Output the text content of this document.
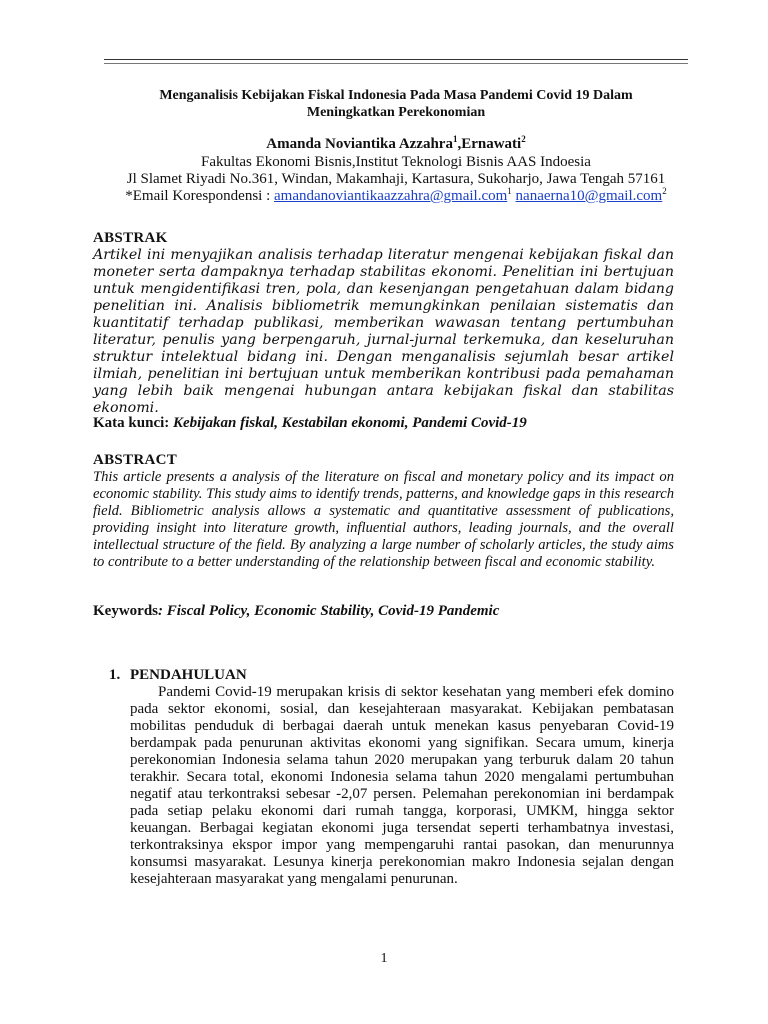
Menganalisis Kebijakan Fiskal Indonesia Pada Masa Pandemi Covid 19 Dalam
Meningkatkan Perekonomian
Amanda Noviantika Azzahra$^1$,Ernawati$^2$
Fakultas Ekonomi Bisnis,Institut Teknologi Bisnis AAS Indoesia
Jl Slamet Riyadi No.361, Windan, Makamhaji, Kartasura, Sukoharjo, Jawa Tengah 57161
*Email Korespondensi : amandanoviantikaazzahra@gmail.com$^1$ nanaerna10@gmail.com$^2$
ABSTRAK
Artikel ini menyajikan analisis terhadap literatur mengenai kebijakan fiskal dan moneter serta dampaknya terhadap stabilitas ekonomi. Penelitian ini bertujuan untuk mengidentifikasi tren, pola, dan kesenjangan pengetahuan dalam bidang penelitian ini. Analisis bibliometrik memungkinkan penilaian sistematis dan kuantitatif terhadap publikasi, memberikan wawasan tentang pertumbuhan literatur, penulis yang berpengaruh, jurnal-jurnal terkemuka, dan keseluruhan struktur intelektual bidang ini. Dengan menganalisis sejumlah besar artikel ilmiah, penelitian ini bertujuan untuk memberikan kontribusi pada pemahaman yang lebih baik mengenai hubungan antara kebijakan fiskal dan stabilitas ekonomi.
Kata kunci: Kebijakan fiskal, Kestabilan ekonomi, Pandemi Covid-19
ABSTRACT
This article presents a analysis of the literature on fiscal and monetary policy and its impact on economic stability. This study aims to identify trends, patterns, and knowledge gaps in this research field. Bibliometric analysis allows a systematic and quantitative assessment of publications, providing insight into literature growth, influential authors, leading journals, and the overall intellectual structure of the field. By analyzing a large number of scholarly articles, the study aims to contribute to a better understanding of the relationship between fiscal and economic stability.
Keywords: Fiscal Policy, Economic Stability, Covid-19 Pandemic
1. PENDAHULUAN
Pandemi Covid-19 merupakan krisis di sektor kesehatan yang memberi efek domino pada sektor ekonomi, sosial, dan kesejahteraan masyarakat. Kebijakan pembatasan mobilitas penduduk di berbagai daerah untuk menekan kasus penyebaran Covid-19 berdampak pada penurunan aktivitas ekonomi yang signifikan. Secara umum, kinerja perekonomian Indonesia selama tahun 2020 merupakan yang terburuk dalam 20 tahun terakhir. Secara total, ekonomi Indonesia selama tahun 2020 mengalami pertumbuhan negatif atau terkontraksi sebesar -2,07 persen. Pelemahan perekonomian ini berdampak pada setiap pelaku ekonomi dari rumah tangga, korporasi, UMKM, hingga sektor keuangan. Berbagai kegiatan ekonomi juga tersendat seperti terhambatnya investasi, terkontraksinya ekspor impor yang mempengaruhi rantai pasokan, dan menurunnya konsumsi masyarakat. Lesunya kinerja perekonomian makro Indonesia sejalan dengan kesejahteraan masyarakat yang mengalami penurunan.
1
